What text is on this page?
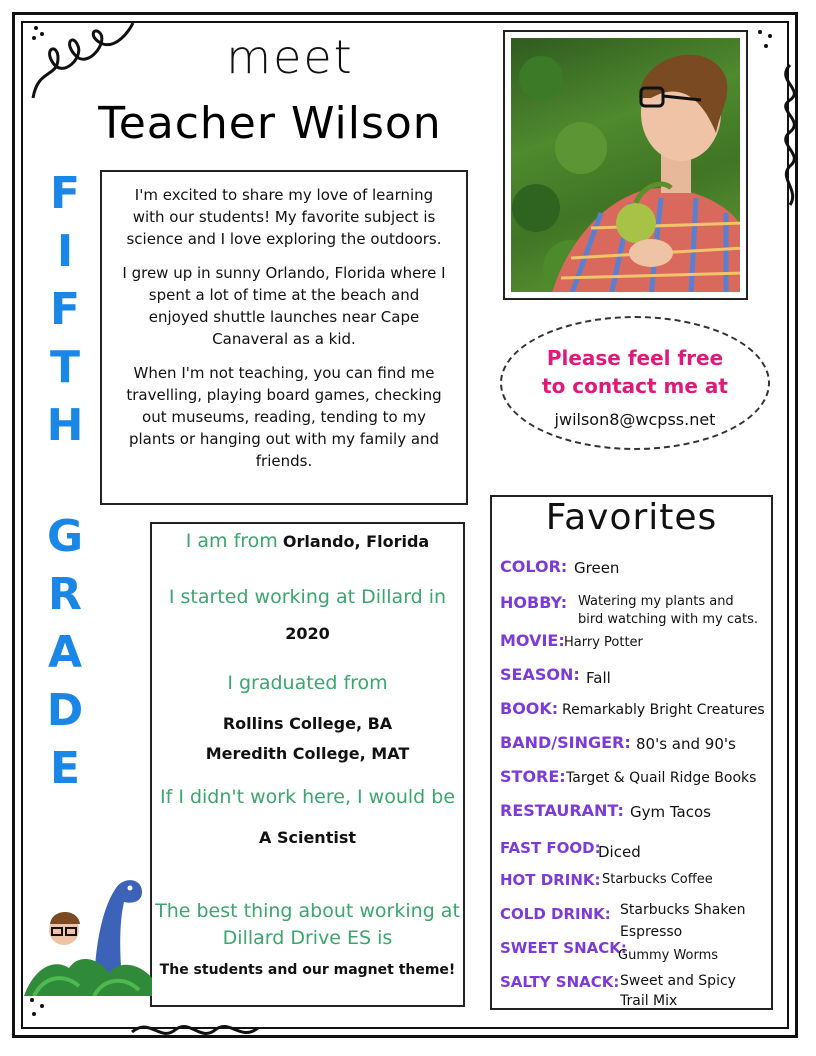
meet
Teacher Wilson
F
I
F
T
H
G
R
A
D
E

I'm excited to share my love of learning with our students! My favorite subject is science and I love exploring the outdoors.

I grew up in sunny Orlando, Florida where I spent a lot of time at the beach and enjoyed shuttle launches near Cape Canaveral as a kid.

When I'm not teaching, you can find me travelling, playing board games, checking out museums, reading, tending to my plants or hanging out with my family and friends.

Please feel free
to contact me at
jwilson8@wcpss.net
I am from Orlando, Florida
I started working at Dillard in
2020
I graduated from
Rollins College, BA
Meredith College, MAT
If I didn't work here, I would be
A Scientist
The best thing about working at
Dillard Drive ES is
The students and our magnet theme!
Favorites
COLOR: Green
HOBBY: Watering my plants and
bird watching with my cats.
MOVIE: Harry Potter
SEASON: Fall
BOOK: Remarkably Bright Creatures
BAND/SINGER: 80's and 90's
STORE: Target & Quail Ridge Books
RESTAURANT: Gym Tacos
FAST FOOD:
Diced
HOT DRINK: Starbucks Coffee
COLD DRINK: Starbucks Shaken
Espresso
SWEET SNACK:
Gummy Worms
SALTY SNACK: Sweet and Spicy
Trail Mix
